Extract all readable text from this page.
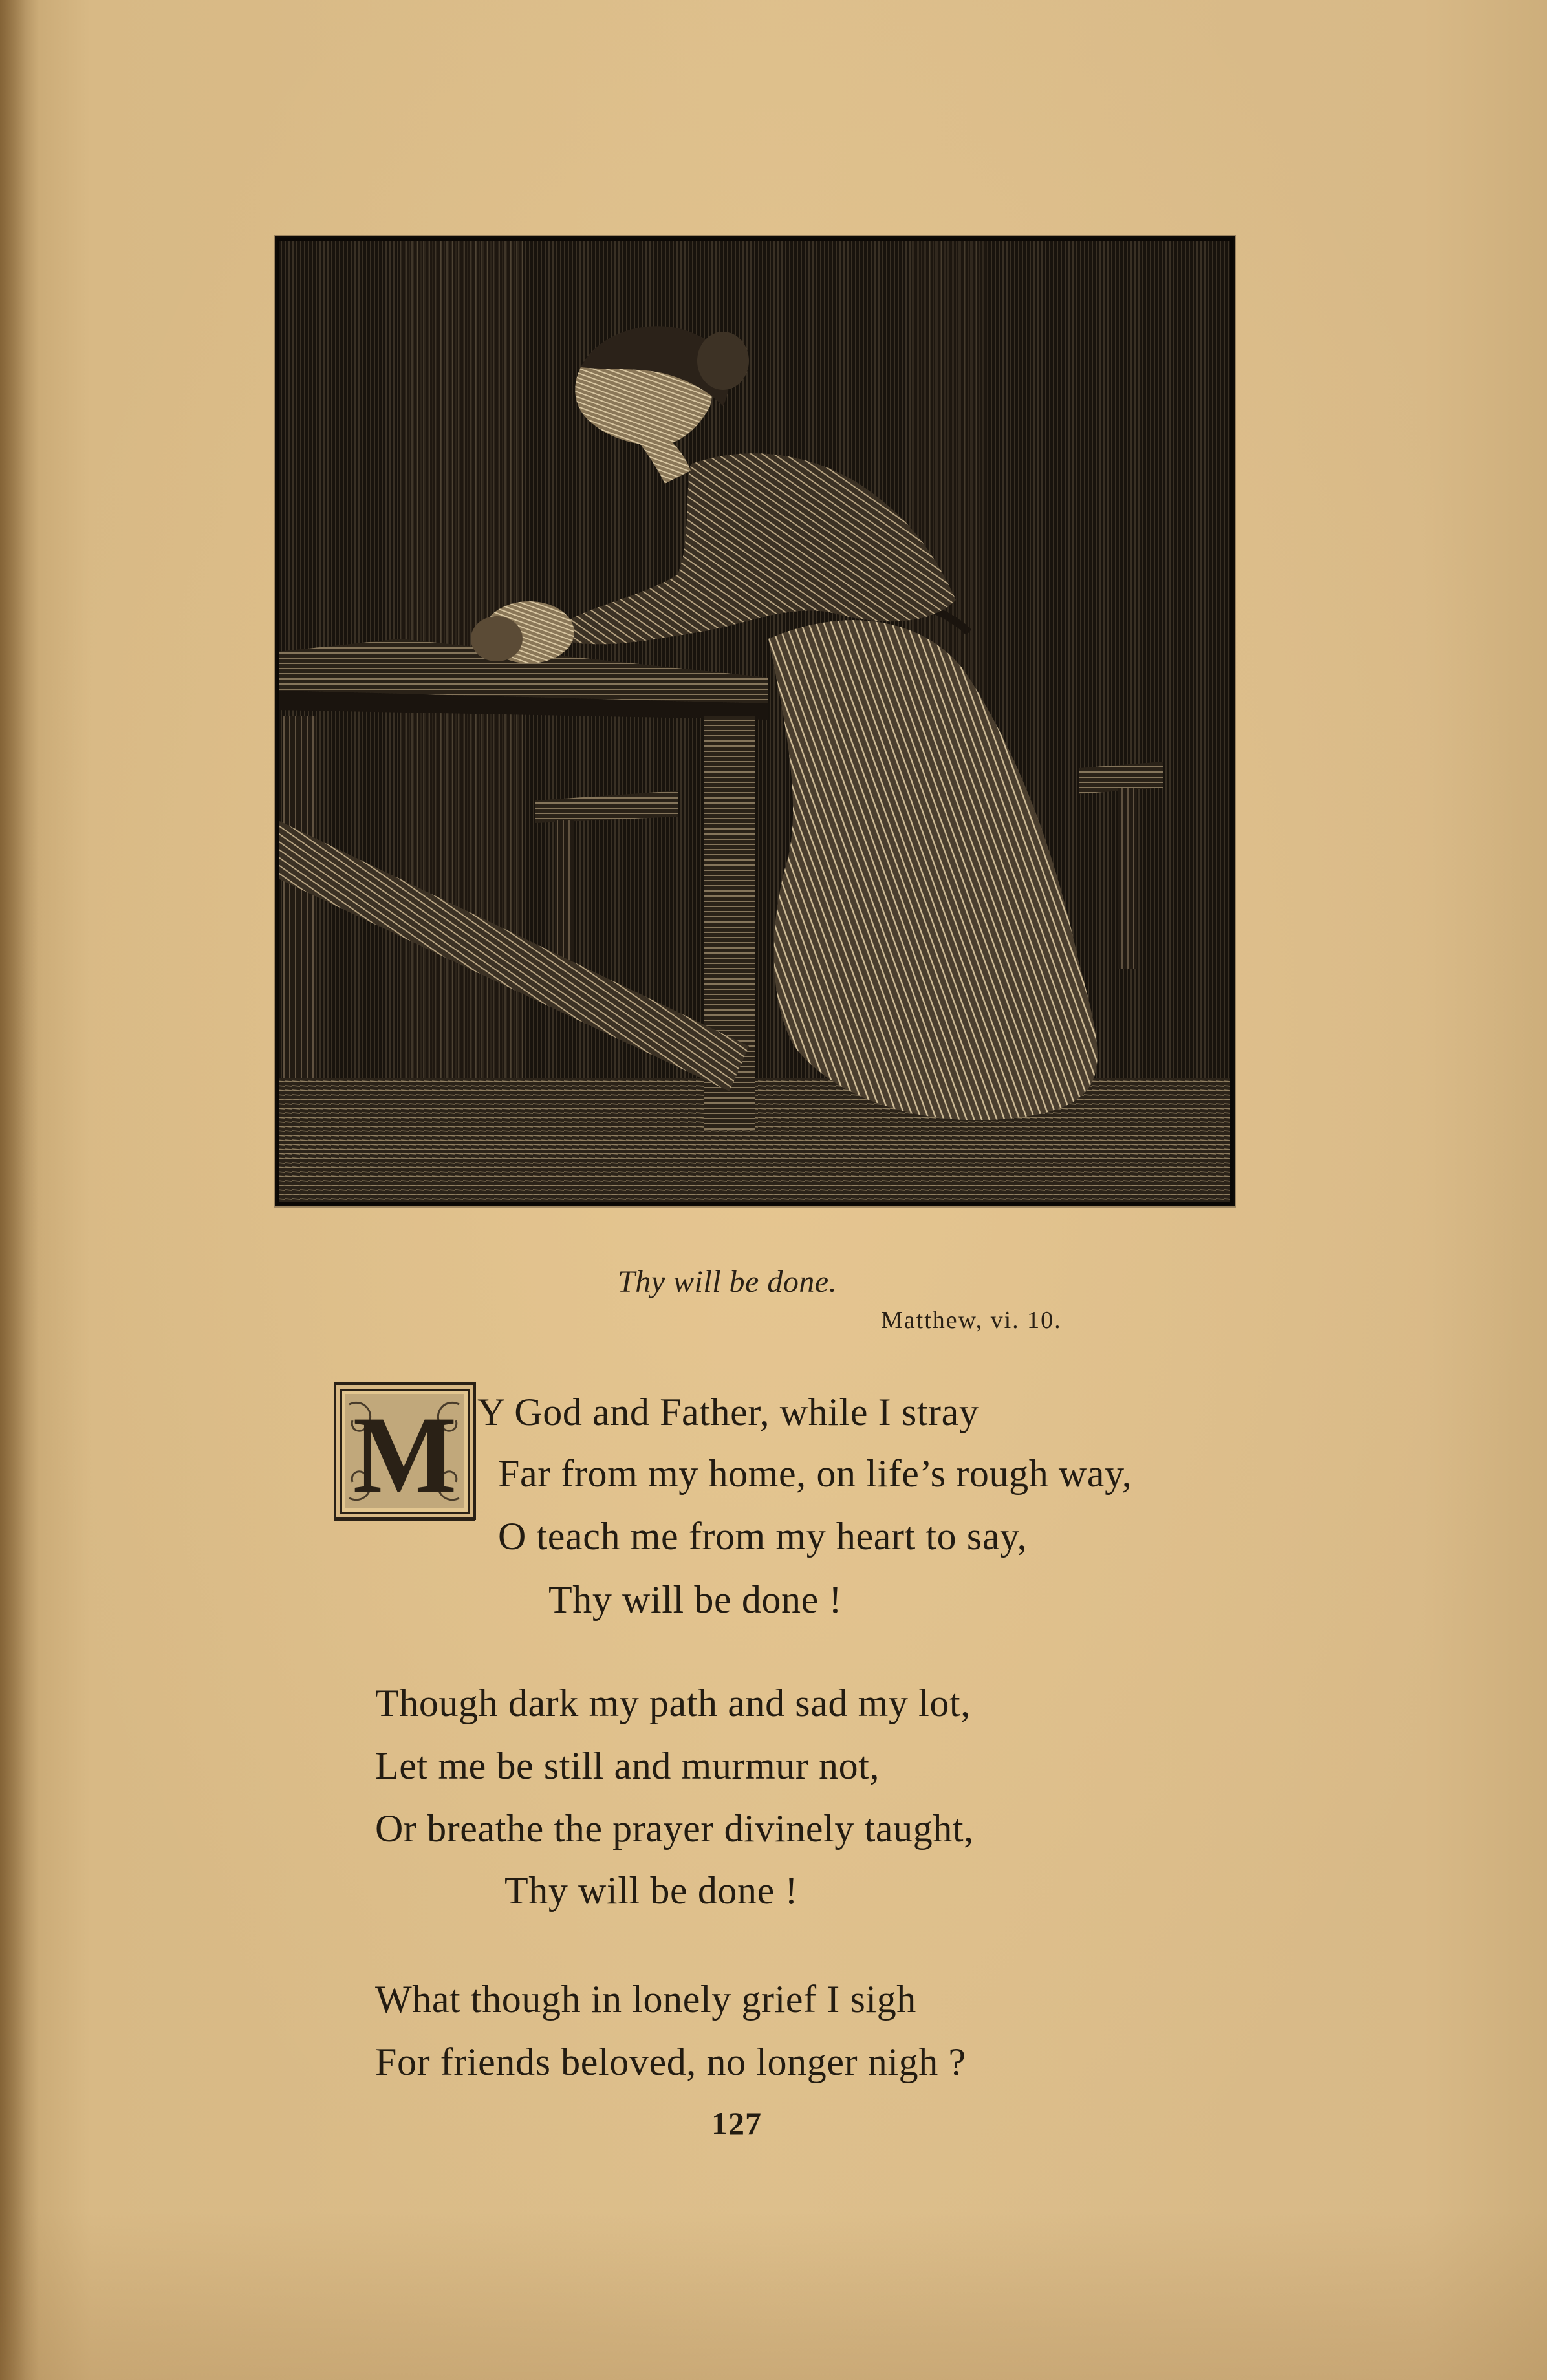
Thy will be done.
Matthew, vi. 10.
M Y God and Father, while I stray
Far from my home, on life’s rough way,
O teach me from my heart to say,
Thy will be done !
Though dark my path and sad my lot,
Let me be still and murmur not,
Or breathe the prayer divinely taught,
Thy will be done !
What though in lonely grief I sigh
For friends beloved, no longer nigh ?
127
